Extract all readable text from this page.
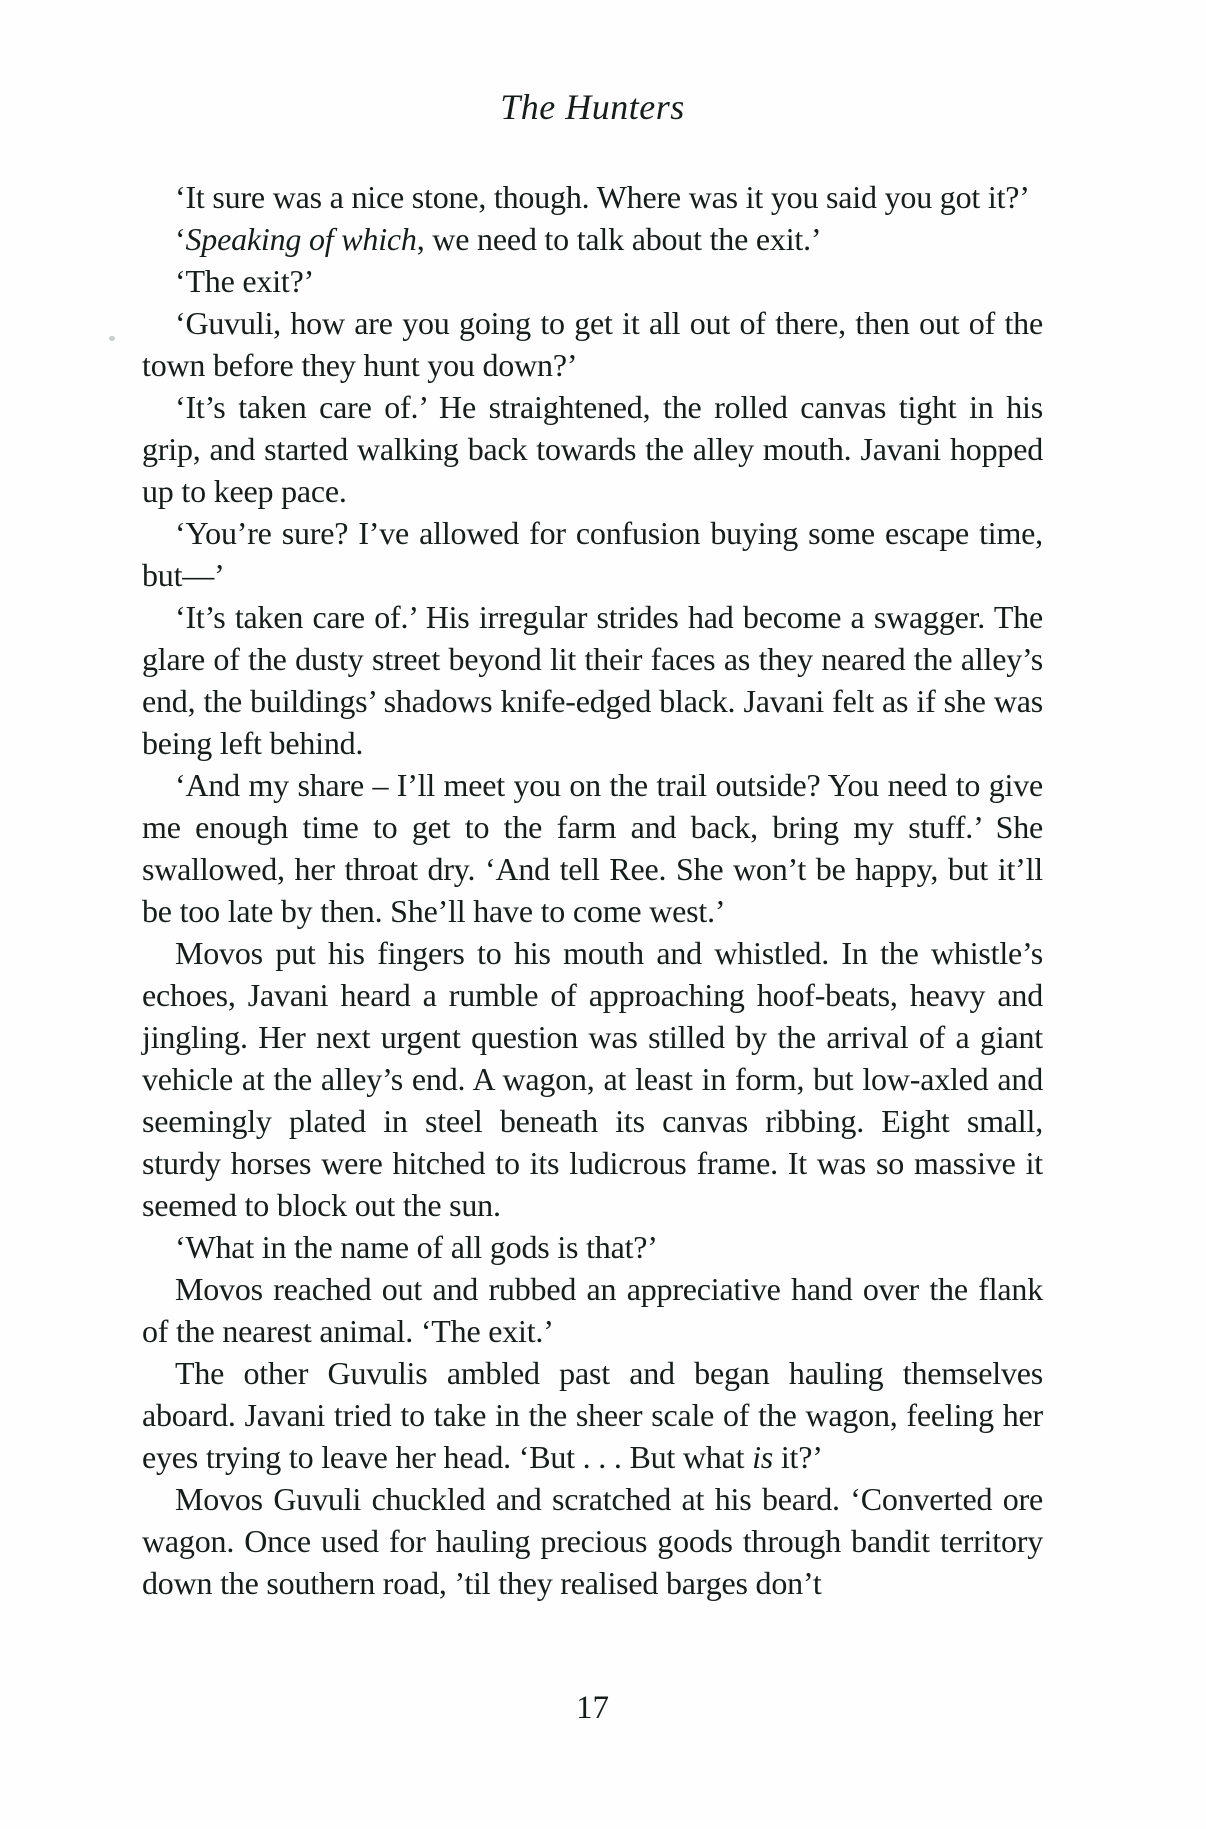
The Hunters

‘It sure was a nice stone, though. Where was it you said you got it?’

‘Speaking of which, we need to talk about the exit.’

‘The exit?’

‘Guvuli, how are you going to get it all out of there, then out of the town before they hunt you down?’

‘It’s taken care of.’ He straightened, the rolled canvas tight in his grip, and started walking back towards the alley mouth. Javani hopped up to keep pace.

‘You’re sure? I’ve allowed for confusion buying some escape time, but—’

‘It’s taken care of.’ His irregular strides had become a swagger. The glare of the dusty street beyond lit their faces as they neared the alley’s end, the buildings’ shadows knife-edged black. Javani felt as if she was being left behind.

‘And my share – I’ll meet you on the trail outside? You need to give me enough time to get to the farm and back, bring my stuff.’ She swallowed, her throat dry. ‘And tell Ree. She won’t be happy, but it’ll be too late by then. She’ll have to come west.’

Movos put his fingers to his mouth and whistled. In the whistle’s echoes, Javani heard a rumble of approaching hoof-beats, heavy and jingling. Her next urgent question was stilled by the arrival of a giant vehicle at the alley’s end. A wagon, at least in form, but low-axled and seemingly plated in steel beneath its canvas ribbing. Eight small, sturdy horses were hitched to its ludicrous frame. It was so massive it seemed to block out the sun.

‘What in the name of all gods is that?’

Movos reached out and rubbed an appreciative hand over the flank of the nearest animal. ‘The exit.’

The other Guvulis ambled past and began hauling themselves aboard. Javani tried to take in the sheer scale of the wagon, feeling her eyes trying to leave her head. ‘But . . . But what is it?’

Movos Guvuli chuckled and scratched at his beard. ‘Converted ore wagon. Once used for hauling precious goods through bandit territory down the southern road, ’til they realised barges don’t

17
